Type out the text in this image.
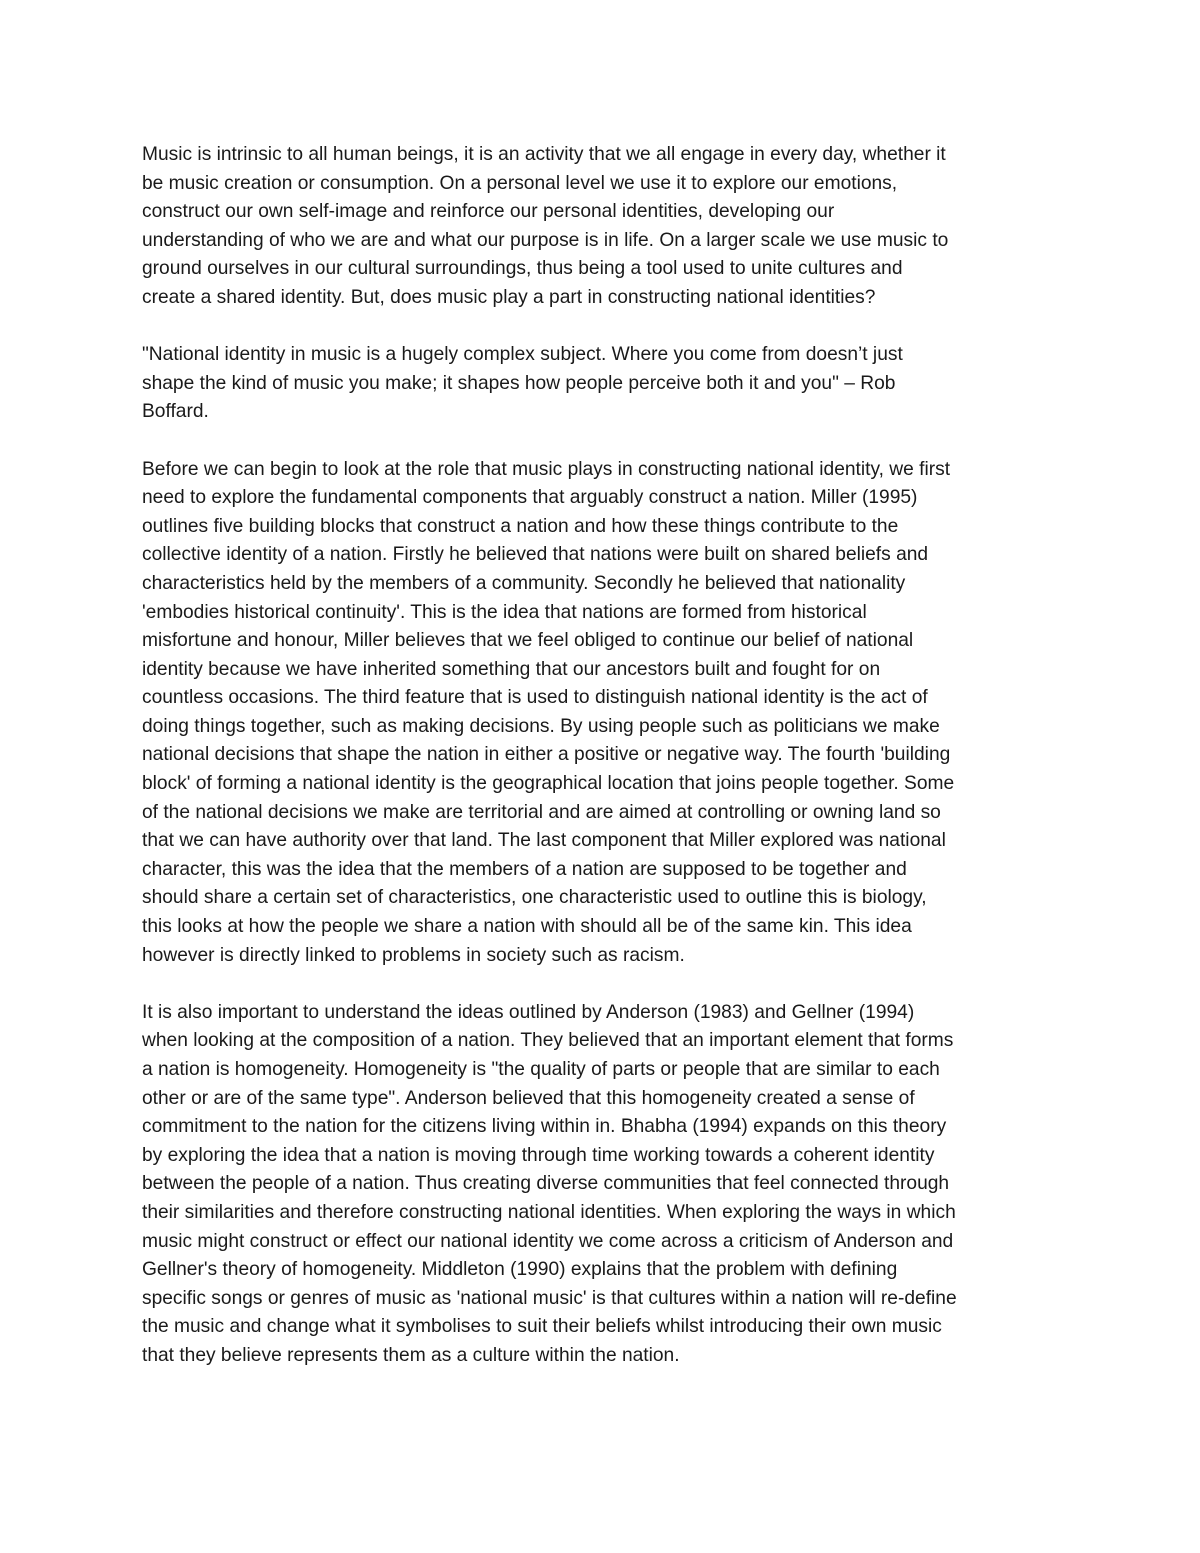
Music is intrinsic to all human beings, it is an activity that we all engage in every day, whether it
be music creation or consumption. On a personal level we use it to explore our emotions,
construct our own self-image and reinforce our personal identities, developing our
understanding of who we are and what our purpose is in life. On a larger scale we use music to
ground ourselves in our cultural surroundings, thus being a tool used to unite cultures and
create a shared identity. But, does music play a part in constructing national identities?

"National identity in music is a hugely complex subject. Where you come from doesn’t just
shape the kind of music you make; it shapes how people perceive both it and you" – Rob
Boffard.

Before we can begin to look at the role that music plays in constructing national identity, we first
need to explore the fundamental components that arguably construct a nation. Miller (1995)
outlines five building blocks that construct a nation and how these things contribute to the
collective identity of a nation. Firstly he believed that nations were built on shared beliefs and
characteristics held by the members of a community. Secondly he believed that nationality
'embodies historical continuity'. This is the idea that nations are formed from historical
misfortune and honour, Miller believes that we feel obliged to continue our belief of national
identity because we have inherited something that our ancestors built and fought for on
countless occasions. The third feature that is used to distinguish national identity is the act of
doing things together, such as making decisions. By using people such as politicians we make
national decisions that shape the nation in either a positive or negative way. The fourth 'building
block' of forming a national identity is the geographical location that joins people together. Some
of the national decisions we make are territorial and are aimed at controlling or owning land so
that we can have authority over that land. The last component that Miller explored was national
character, this was the idea that the members of a nation are supposed to be together and
should share a certain set of characteristics, one characteristic used to outline this is biology,
this looks at how the people we share a nation with should all be of the same kin. This idea
however is directly linked to problems in society such as racism.

It is also important to understand the ideas outlined by Anderson (1983) and Gellner (1994)
when looking at the composition of a nation. They believed that an important element that forms
a nation is homogeneity. Homogeneity is "the quality of parts or people that are similar to each
other or are of the same type". Anderson believed that this homogeneity created a sense of
commitment to the nation for the citizens living within in. Bhabha (1994) expands on this theory
by exploring the idea that a nation is moving through time working towards a coherent identity
between the people of a nation. Thus creating diverse communities that feel connected through
their similarities and therefore constructing national identities. When exploring the ways in which
music might construct or effect our national identity we come across a criticism of Anderson and
Gellner's theory of homogeneity. Middleton (1990) explains that the problem with defining
specific songs or genres of music as 'national music' is that cultures within a nation will re-define
the music and change what it symbolises to suit their beliefs whilst introducing their own music
that they believe represents them as a culture within the nation.
